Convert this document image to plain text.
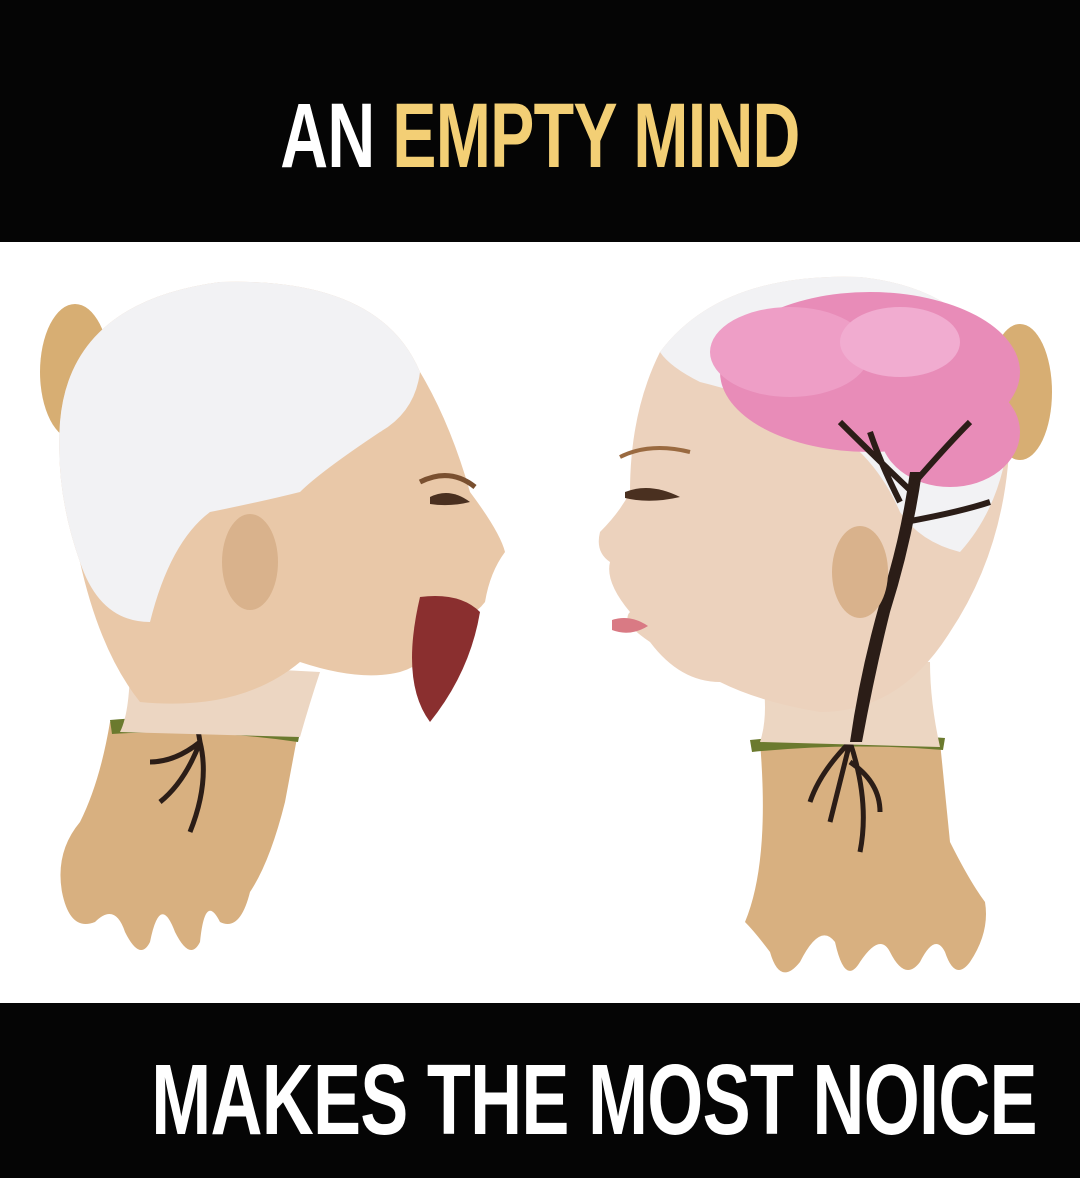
AN EMPTY MIND
MAKES THE MOST NOICE
